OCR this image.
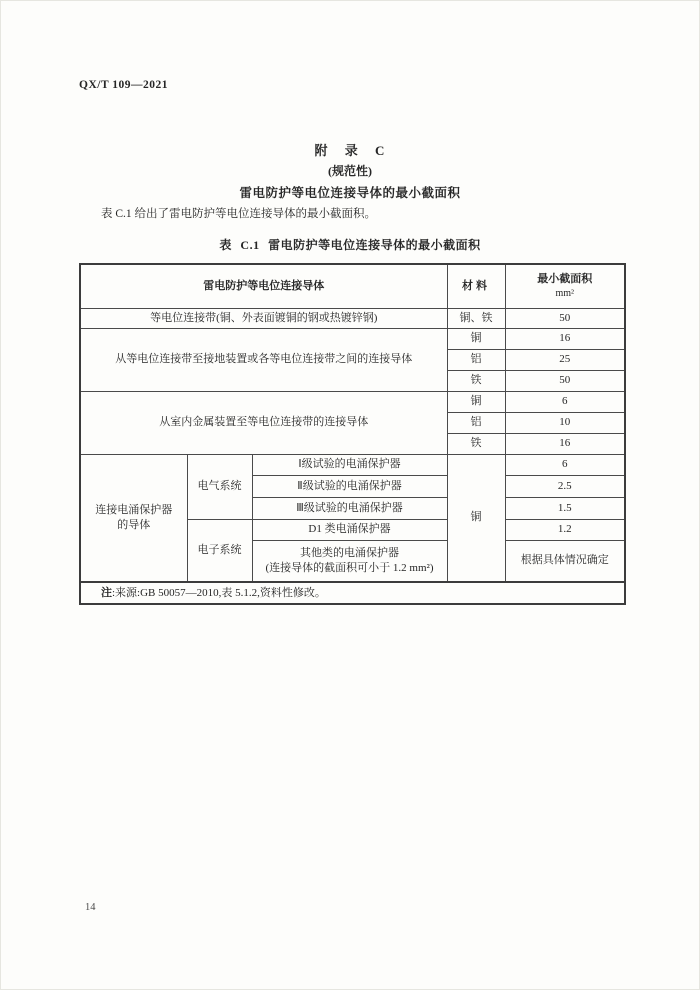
QX/T 109—2021
附 录 C
(规范性)
雷电防护等电位连接导体的最小截面积
表 C.1 给出了雷电防护等电位连接导体的最小截面积。
表 C.1 雷电防护等电位连接导体的最小截面积
雷电防护等电位连接导体			材料	最小截面积
mm²

等电位连接带(铜、外表面镀铜的钢或热镀锌钢)			铜、铁	50
从等电位连接带至接地装置或各等电位连接带之间的连接导体			铜	16
			铝	25
			铁	50
从室内金属装置至等电位连接带的连接导体			铜	6
			铝	10
			铁	16

连接电涌保护器
的导体	电气系统	Ⅰ级试验的电涌保护器	铜	6
		Ⅱ级试验的电涌保护器		2.5
		Ⅲ级试验的电涌保护器		1.5
	电子系统	D1 类电涌保护器		1.2

		其他类的电涌保护器
(连接导体的截面积可小于 1.2 mm²)		根据具体情况确定
注:来源:GB 50057—2010,表 5.1.2,资料性修改。				
14
